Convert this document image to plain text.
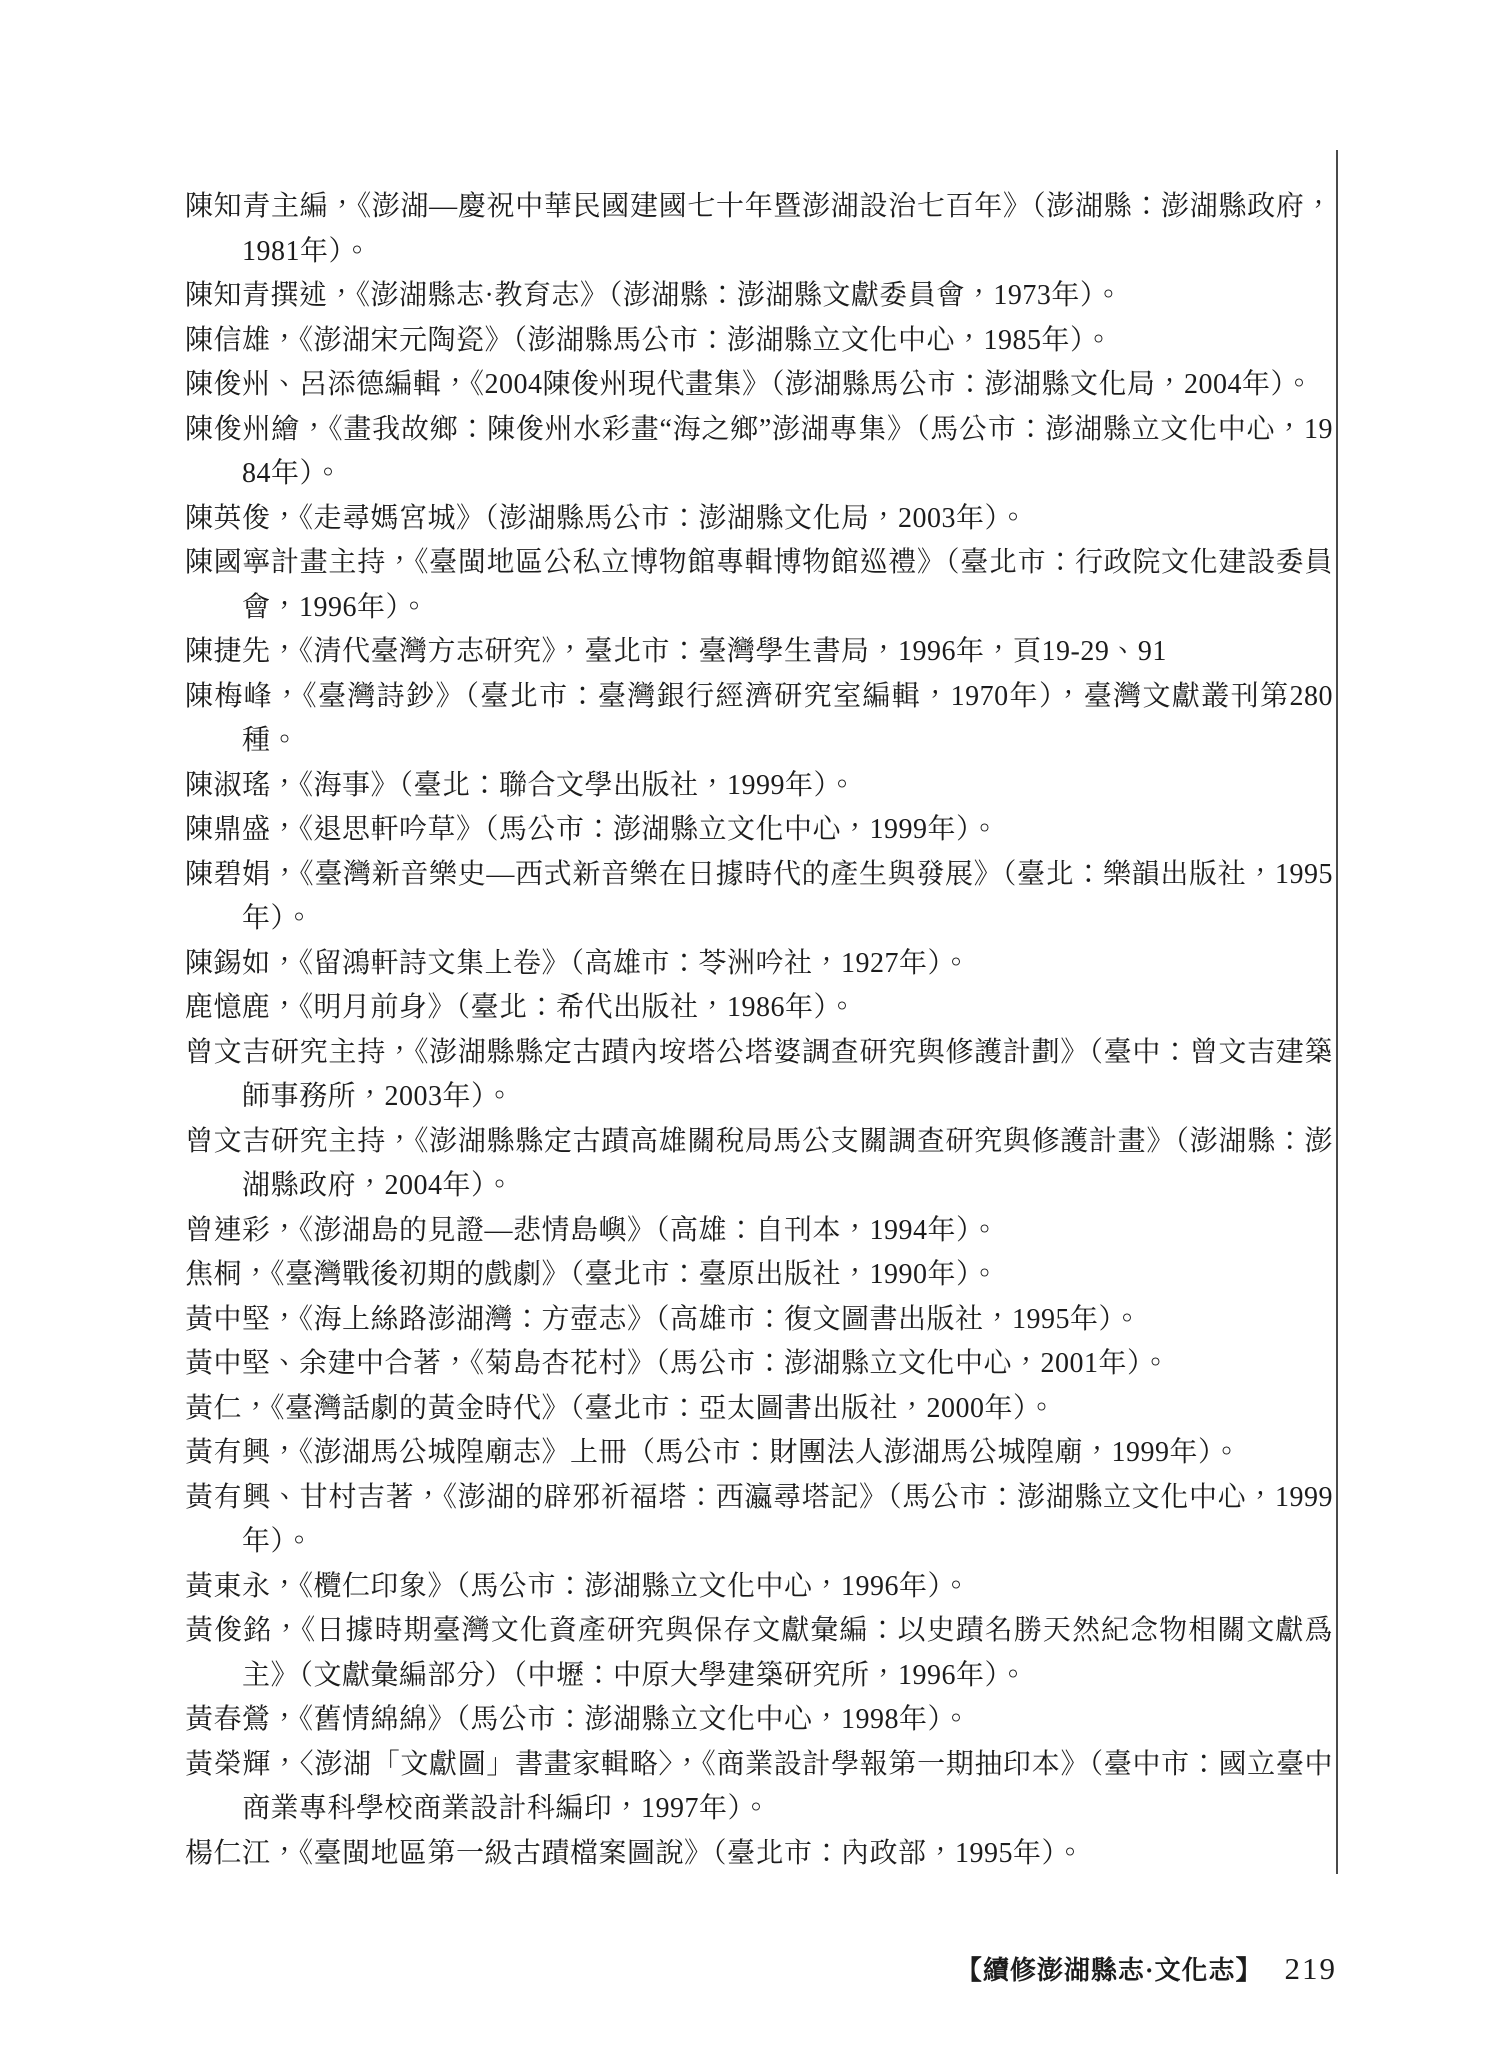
陳知青主編，《澎湖—慶祝中華民國建國七十年暨澎湖設治七百年》（澎湖縣：澎湖縣政府，1981年）。

陳知青撰述，《澎湖縣志·教育志》（澎湖縣：澎湖縣文獻委員會，1973年）。

陳信雄，《澎湖宋元陶瓷》（澎湖縣馬公市：澎湖縣立文化中心，1985年）。

陳俊州、呂添德編輯，《2004陳俊州現代畫集》（澎湖縣馬公市：澎湖縣文化局，2004年）。

陳俊州繪，《畫我故鄉：陳俊州水彩畫“海之鄉”澎湖專集》（馬公市：澎湖縣立文化中心，1984年）。

陳英俊，《走尋媽宮城》（澎湖縣馬公市：澎湖縣文化局，2003年）。

陳國寧計畫主持，《臺閩地區公私立博物館專輯博物館巡禮》（臺北市：行政院文化建設委員會，1996年）。

陳捷先，《清代臺灣方志研究》，臺北市：臺灣學生書局，1996年，頁19-29、91

陳梅峰，《臺灣詩鈔》（臺北市：臺灣銀行經濟研究室編輯，1970年），臺灣文獻叢刊第280種。

陳淑瑤，《海事》（臺北：聯合文學出版社，1999年）。

陳鼎盛，《退思軒吟草》（馬公市：澎湖縣立文化中心，1999年）。

陳碧娟，《臺灣新音樂史—西式新音樂在日據時代的產生與發展》（臺北：樂韻出版社，1995年）。

陳錫如，《留鴻軒詩文集上卷》（高雄市：苓洲吟社，1927年）。

鹿憶鹿，《明月前身》（臺北：希代出版社，1986年）。

曾文吉研究主持，《澎湖縣縣定古蹟內垵塔公塔婆調查研究與修護計劃》（臺中：曾文吉建築師事務所，2003年）。

曾文吉研究主持，《澎湖縣縣定古蹟高雄關稅局馬公支關調查研究與修護計畫》（澎湖縣：澎湖縣政府，2004年）。

曾連彩，《澎湖島的見證—悲情島嶼》（高雄：自刊本，1994年）。

焦桐，《臺灣戰後初期的戲劇》（臺北市：臺原出版社，1990年）。

黃中堅，《海上絲路澎湖灣：方壺志》（高雄市：復文圖書出版社，1995年）。

黃中堅、余建中合著，《菊島杏花村》（馬公市：澎湖縣立文化中心，2001年）。

黃仁，《臺灣話劇的黃金時代》（臺北市：亞太圖書出版社，2000年）。

黃有興，《澎湖馬公城隍廟志》上冊（馬公市：財團法人澎湖馬公城隍廟，1999年）。

黃有興、甘村吉著，《澎湖的辟邪祈福塔：西瀛尋塔記》（馬公市：澎湖縣立文化中心，1999年）。

黃東永，《欖仁印象》（馬公市：澎湖縣立文化中心，1996年）。

黃俊銘，《日據時期臺灣文化資產研究與保存文獻彙編：以史蹟名勝天然紀念物相關文獻爲主》（文獻彙編部分）（中壢：中原大學建築研究所，1996年）。

黃春鶯，《舊情綿綿》（馬公市：澎湖縣立文化中心，1998年）。

黃榮輝，〈澎湖「文獻圖」書畫家輯略〉，《商業設計學報第一期抽印本》（臺中市：國立臺中商業專科學校商業設計科編印，1997年）。

楊仁江，《臺閩地區第一級古蹟檔案圖說》（臺北市：內政部，1995年）。

【續修澎湖縣志·文化志】 219
